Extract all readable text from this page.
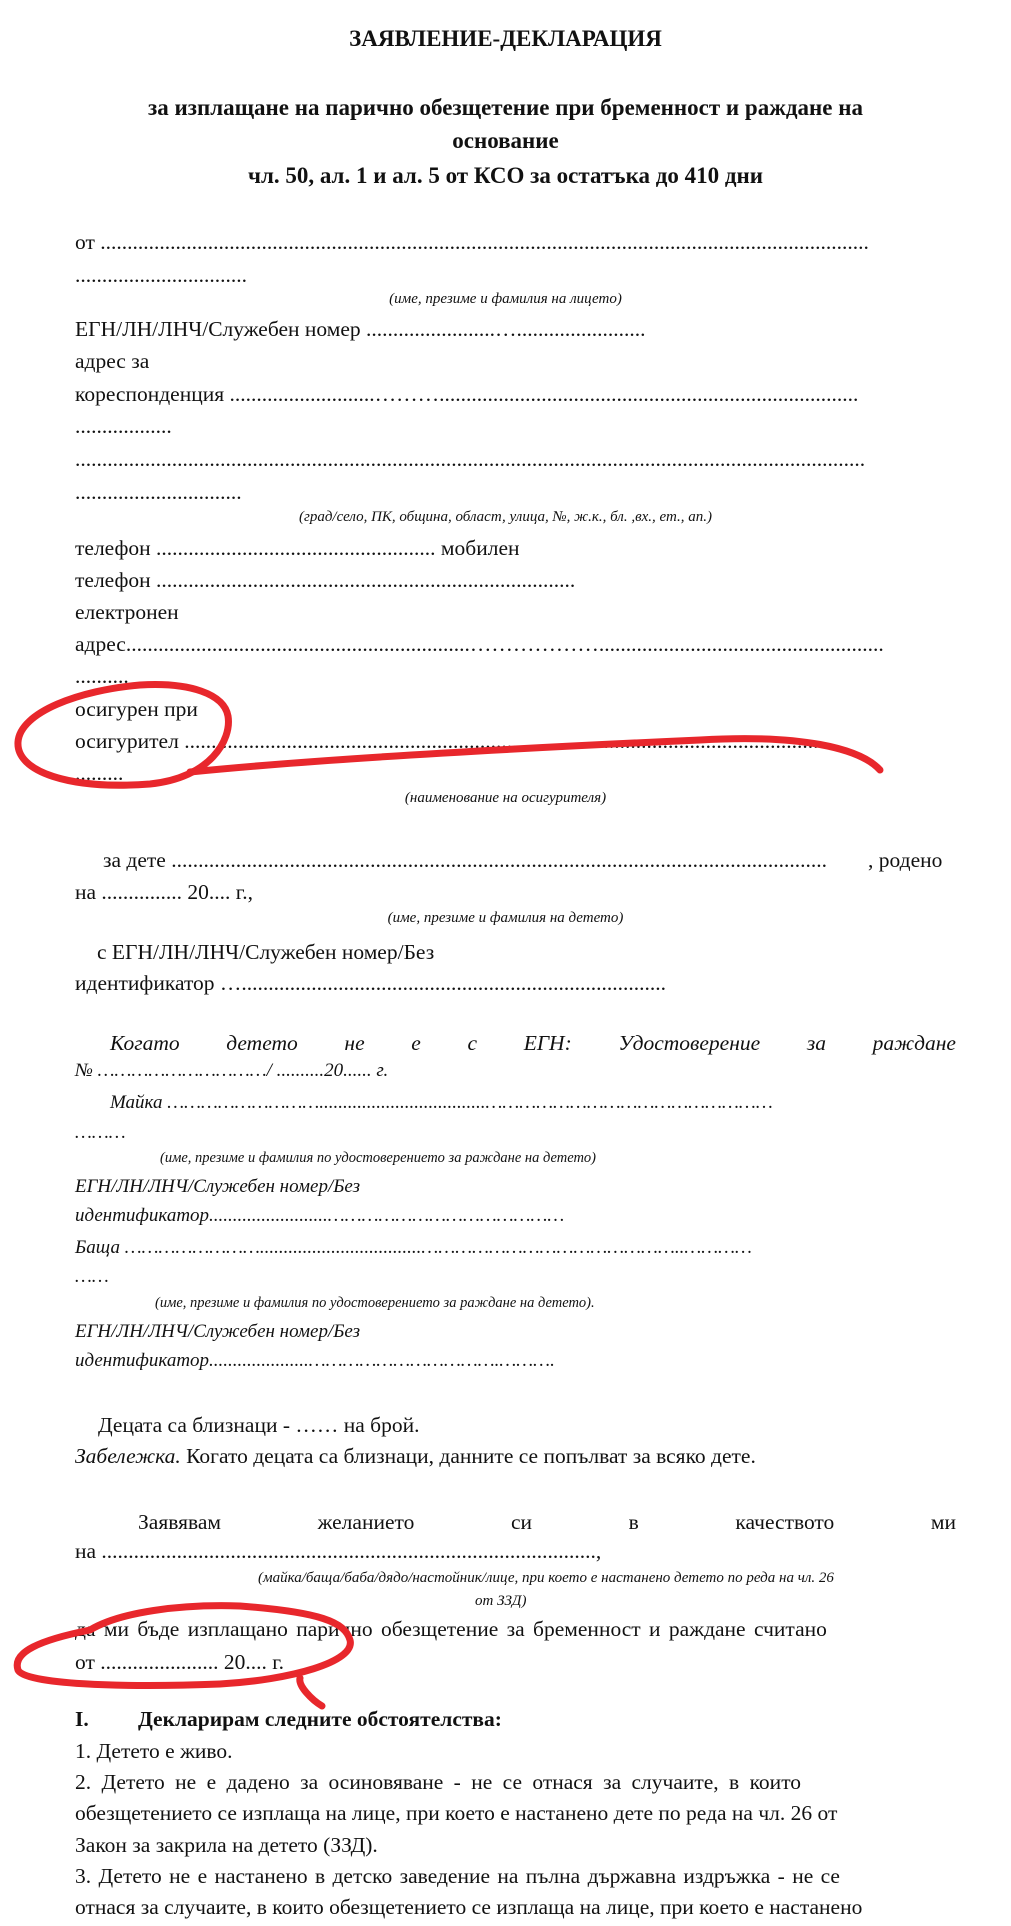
ЗАЯВЛЕНИЕ-ДЕКЛАРАЦИЯ
за изплащане на парично обезщетение при бременност и раждане на
основание
чл. 50, ал. 1 и ал. 5 от КСО за остатъка до 410 дни
от ...............................................................................................................................................
................................
(име, презиме и фамилия на лицето)
ЕГН/ЛН/ЛНЧ/Служебен номер ........................…........................
адрес за
кореспонденция ...........................………..............................................................................
..................
...................................................................................................................................................
...............................
(град/село, ПК, община, област, улица, №, ж.к., бл. ,вх., ет., ап.)
телефон .................................................... мобилен
телефон ..............................................................................
електронен
адрес................................................................……………….....................................................
..........
осигурен при
осигурител .........................................................................................................................
.........
(наименование на осигурителя)
за дете .......................................................................................................................... , родено
на ............... 20.... г.,
(име, презиме и фамилия на детето)
с ЕГН/ЛН/ЛНЧ/Служебен номер/Без
идентификатор …...............................................................................
Когато детето не е с ЕГН: Удостоверение за раждане
№ …………………………/ ..........20...... г.
Майка ………………………...................................……………………………………………
………
(име, презиме и фамилия по удостоверението за раждане на детето)
ЕГН/ЛН/ЛНЧ/Служебен номер/Без
идентификатор.........................……………………………………
Баща ……………………..................................………………………………………..…………
……
(име, презиме и фамилия по удостоверението за раждане на детето).
ЕГН/ЛН/ЛНЧ/Служебен номер/Без
идентификатор.....................…………………………….……….
Децата са близнаци - …… на брой.
Забележка. Когато децата са близнаци, данните се попълват за всяко дете.
Заявявам	желанието	си	в	качеството	ми
на ............................................................................................,
(майка/баща/баба/дядо/настойник/лице, при което е настанено детето по реда на чл. 26
от ЗЗД)
да ми бъде изплащано парично обезщетение за бременност и раждане считано
от ...................... 20.... г.
I. Декларирам следните обстоятелства:
1. Детето е живо.
2. Детето не е дадено за осиновяване - не се отнася за случаите, в които
обезщетението се изплаща на лице, при което е настанено дете по реда на чл. 26 от
Закон за закрила на детето (ЗЗД).
3. Детето не е настанено в детско заведение на пълна държавна издръжка - не се
отнася за случаите, в които обезщетението се изплаща на лице, при което е настанено
